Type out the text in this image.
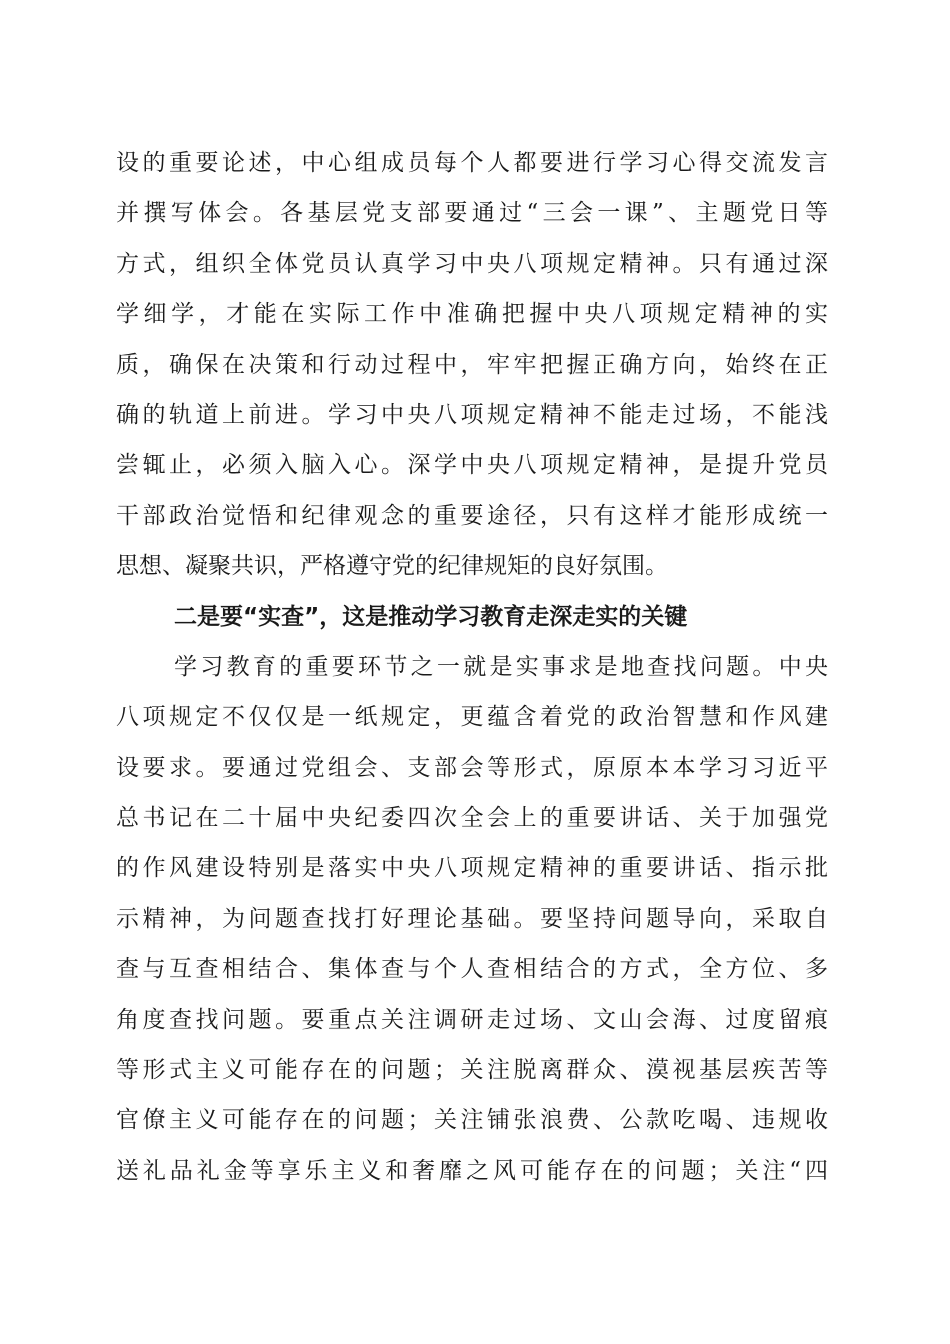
设的重要论述，中心组成员每个人都要进行学习心得交流发言
并撰写体会。各基层党支部要通过“三会一课”、主题党日等
方式，组织全体党员认真学习中央八项规定精神。只有通过深
学细学，才能在实际工作中准确把握中央八项规定精神的实
质，确保在决策和行动过程中，牢牢把握正确方向，始终在正
确的轨道上前进。学习中央八项规定精神不能走过场，不能浅
尝辄止，必须入脑入心。深学中央八项规定精神，是提升党员
干部政治觉悟和纪律观念的重要途径，只有这样才能形成统一
思想、凝聚共识，严格遵守党的纪律规矩的良好氛围。
二是要“实查”，这是推动学习教育走深走实的关键
学习教育的重要环节之一就是实事求是地查找问题。中央
八项规定不仅仅是一纸规定，更蕴含着党的政治智慧和作风建
设要求。要通过党组会、支部会等形式，原原本本学习习近平
总书记在二十届中央纪委四次全会上的重要讲话、关于加强党
的作风建设特别是落实中央八项规定精神的重要讲话、指示批
示精神，为问题查找打好理论基础。要坚持问题导向，采取自
查与互查相结合、集体查与个人查相结合的方式，全方位、多
角度查找问题。要重点关注调研走过场、文山会海、过度留痕
等形式主义可能存在的问题；关注脱离群众、漠视基层疾苦等
官僚主义可能存在的问题；关注铺张浪费、公款吃喝、违规收
送礼品礼金等享乐主义和奢靡之风可能存在的问题；关注“四
